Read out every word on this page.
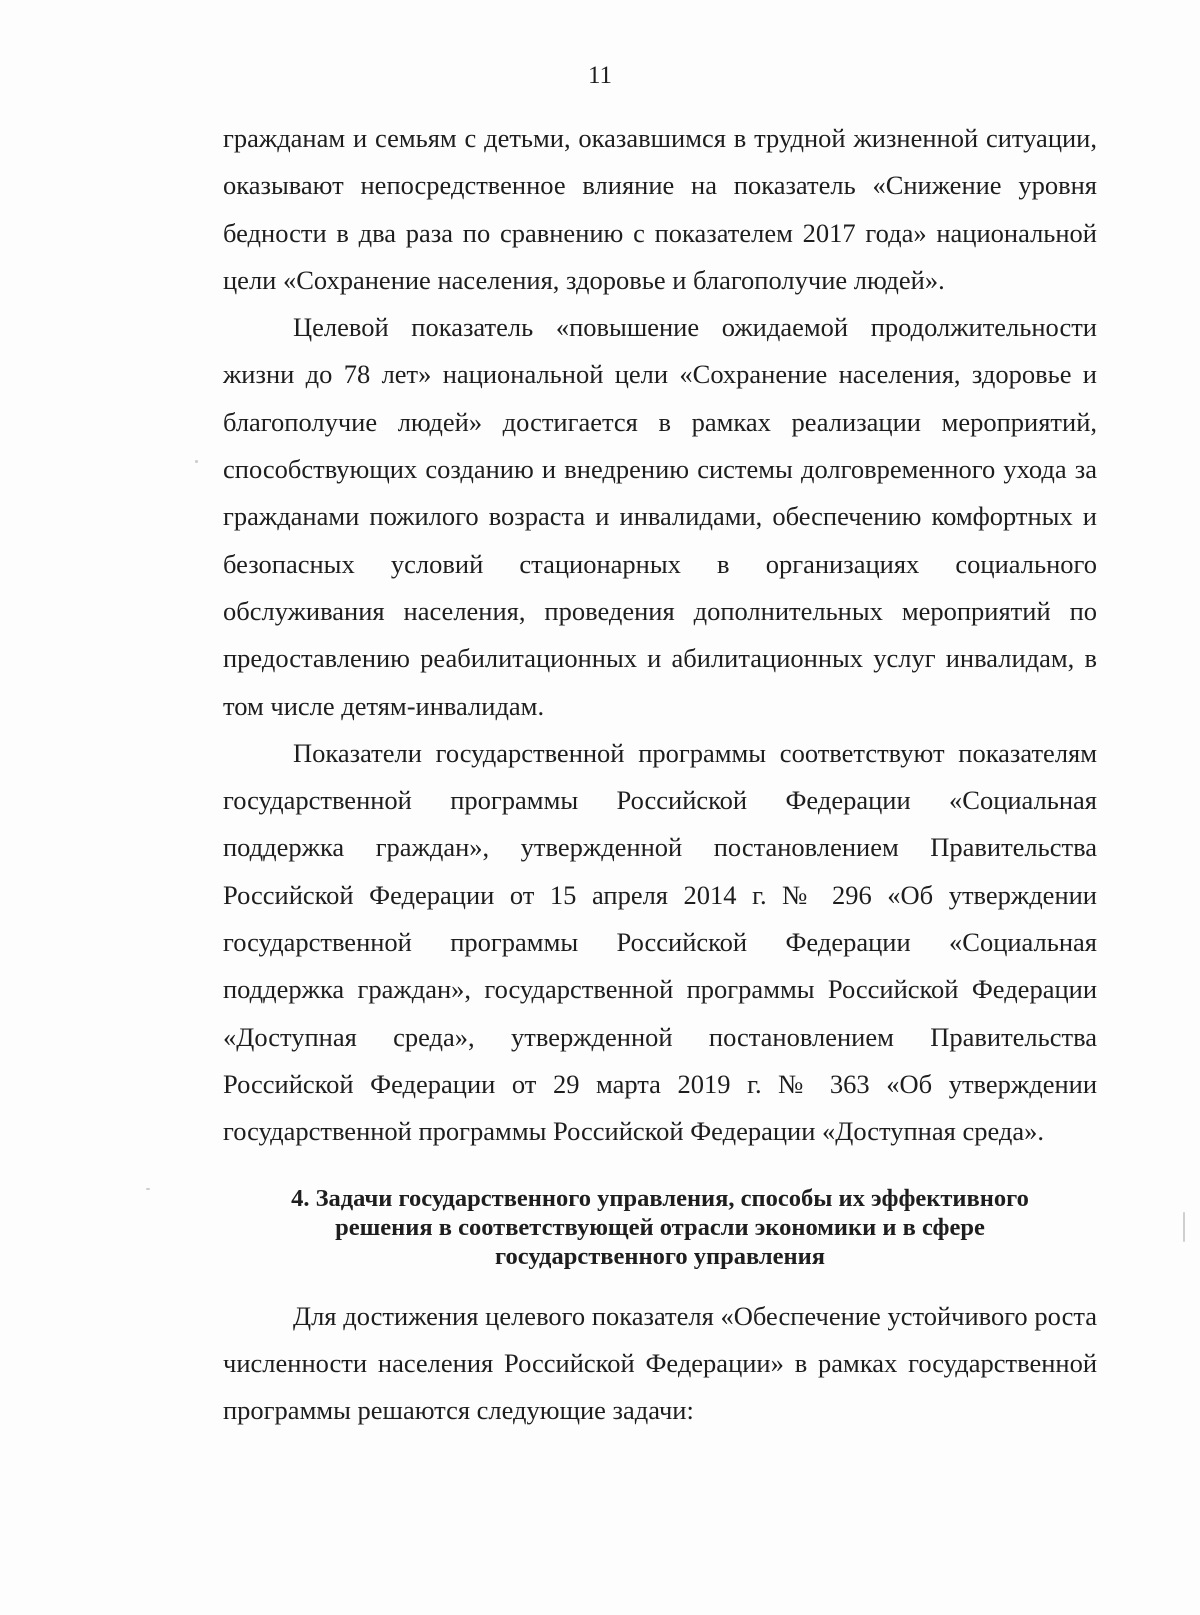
11

гражданам и семьям с детьми, оказавшимся в трудной жизненной ситуации, оказывают непосредственное влияние на показатель «Снижение уровня бедности в два раза по сравнению с показателем 2017 года» национальной цели «Сохранение населения, здоровье и благополучие людей».

Целевой показатель «повышение ожидаемой продолжительности жизни до 78 лет» национальной цели «Сохранение населения, здоровье и благополучие людей» достигается в рамках реализации мероприятий, способствующих созданию и внедрению системы долговременного ухода за гражданами пожилого возраста и инвалидами, обеспечению комфортных и безопасных условий стационарных в организациях социального обслуживания населения, проведения дополнительных мероприятий по предоставлению реабилитационных и абилитационных услуг инвалидам, в том числе детям-инвалидам.

Показатели государственной программы соответствуют показателям государственной программы Российской Федерации «Социальная поддержка граждан», утвержденной постановлением Правительства Российской Федерации от 15 апреля 2014 г. № 296 «Об утверждении государственной программы Российской Федерации «Социальная поддержка граждан», государственной программы Российской Федерации «Доступная среда», утвержденной постановлением Правительства Российской Федерации от 29 марта 2019 г. № 363 «Об утверждении государственной программы Российской Федерации «Доступная среда».

4. Задачи государственного управления, способы их эффективного решения в соответствующей отрасли экономики и в сфере государственного управления

Для достижения целевого показателя «Обеспечение устойчивого роста численности населения Российской Федерации» в рамках государственной программы решаются следующие задачи:
